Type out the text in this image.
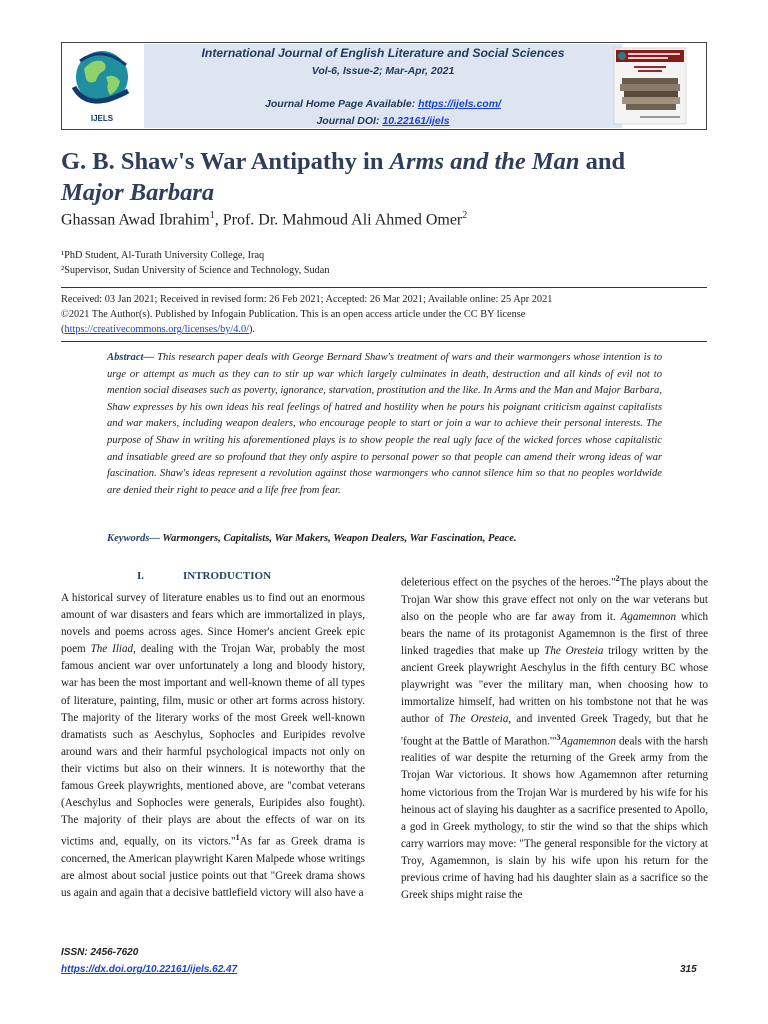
IJELS
International Journal of English Literature and Social Sciences
Vol-6, Issue-2; Mar-Apr, 2021
Journal Home Page Available: https://ijels.com/
Journal DOI: 10.22161/ijels
G. B. Shaw's War Antipathy in Arms and the Man and
Major Barbara
Ghassan Awad Ibrahim$^1$, Prof. Dr. Mahmoud Ali Ahmed Omer$^2$
¹PhD Student, Al-Turath University College, Iraq
²Supervisor, Sudan University of Science and Technology, Sudan
Received: 03 Jan 2021; Received in revised form: 26 Feb 2021; Accepted: 26 Mar 2021; Available online: 25 Apr 2021
©2021 The Author(s). Published by Infogain Publication. This is an open access article under the CC BY license
(https://creativecommons.org/licenses/by/4.0/).
Abstract— This research paper deals with George Bernard Shaw's treatment of wars and their warmongers whose intention is to urge or attempt as much as they can to stir up war which largely culminates in death, destruction and all kinds of evil not to mention social diseases such as poverty, ignorance, starvation, prostitution and the like. In Arms and the Man and Major Barbara, Shaw expresses by his own ideas his real feelings of hatred and hostility when he pours his poignant criticism against capitalists and war makers, including weapon dealers, who encourage people to start or join a war to achieve their personal interests. The purpose of Shaw in writing his aforementioned plays is to show people the real ugly face of the wicked forces whose capitalistic and insatiable greed are so profound that they only aspire to personal power so that people can amend their wrong ideas of war fascination. Shaw's ideas represent a revolution against those warmongers who cannot silence him so that no peoples worldwide are denied their right to peace and a life free from fear.
Keywords— Warmongers, Capitalists, War Makers, Weapon Dealers, War Fascination, Peace.
I.	INTRODUCTION

A historical survey of literature enables us to find out an enormous amount of war disasters and fears which are immortalized in plays, novels and poems across ages. Since Homer's ancient Greek epic poem The Iliad, dealing with the Trojan War, probably the most famous ancient war over unfortunately a long and bloody history, war has been the most important and well-known theme of all types of literature, painting, film, music or other art forms across history. The majority of the literary works of the most Greek well-known dramatists such as Aeschylus, Sophocles and Euripides revolve around wars and their harmful psychological impacts not only on their victims but also on their winners. It is noteworthy that the famous Greek playwrights, mentioned above, are "combat veterans (Aeschylus and Sophocles were generals, Euripides also fought). The majority of their plays are about the effects of war on its victims and, equally, on its victors."$^1$As far as Greek drama is concerned, the American playwright Karen Malpede whose writings are almost about social justice points out that "Greek drama shows us again and again that a decisive battlefield victory will also have a

deleterious effect on the psyches of the heroes."$^2$The plays about the Trojan War show this grave effect not only on the war veterans but also on the people who are far away from it. Agamemnon which bears the name of its protagonist Agamemnon is the first of three linked tragedies that make up The Oresteia trilogy written by the ancient Greek playwright Aeschylus in the fifth century BC whose playwright was "ever the military man, when choosing how to immortalize himself, had written on his tombstone not that he was author of The Oresteia, and invented Greek Tragedy, but that he 'fought at the Battle of Marathon.'"$^3$Agamemnon deals with the harsh realities of war despite the returning of the Greek army from the Trojan War victorious. It shows how Agamemnon after returning home victorious from the Trojan War is murdered by his wife for his heinous act of slaying his daughter as a sacrifice presented to Apollo, a god in Greek mythology, to stir the wind so that the ships which carry warriors may move: "The general responsible for the victory at Troy, Agamemnon, is slain by his wife upon his return for the previous crime of having had his daughter slain as a sacrifice so the Greek ships might raise the

ISSN: 2456-7620
https://dx.doi.org/10.22161/ijels.62.47	315
